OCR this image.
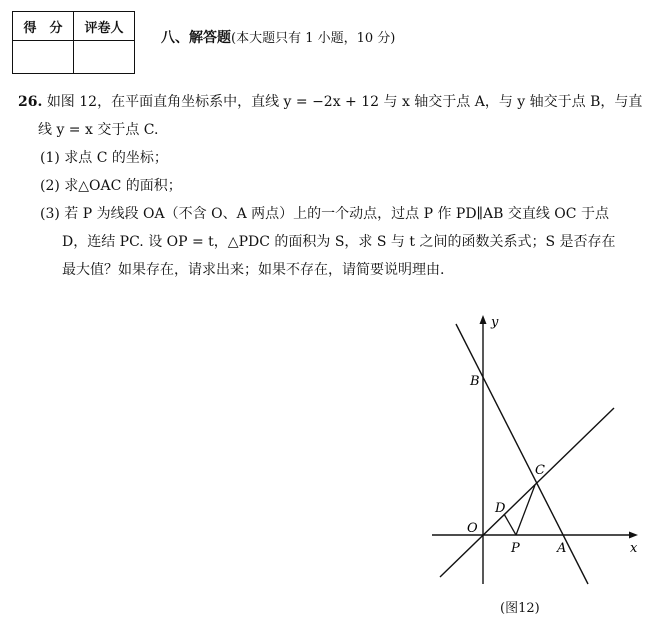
得　分	评卷人

八、解答题(本大题只有 1 小题，10 分)
26. 如图 12，在平面直角坐标系中，直线 y = −2x + 12 与 x 轴交于点 A，与 y 轴交于点 B，与直
线 y = x 交于点 C.
(1) 求点 C 的坐标；
(2) 求△OAC 的面积；
(3) 若 P 为线段 OA（不含 O、A 两点）上的一个动点，过点 P 作 PD∥AB 交直线 OC 于点
D，连结 PC. 设 OP = t，△PDC 的面积为 S，求 S 与 t 之间的函数关系式；S 是否存在
最大值？如果存在，请求出来；如果不存在，请简要说明理由.
y
x
O
B
C
D
P	A
(图12)
